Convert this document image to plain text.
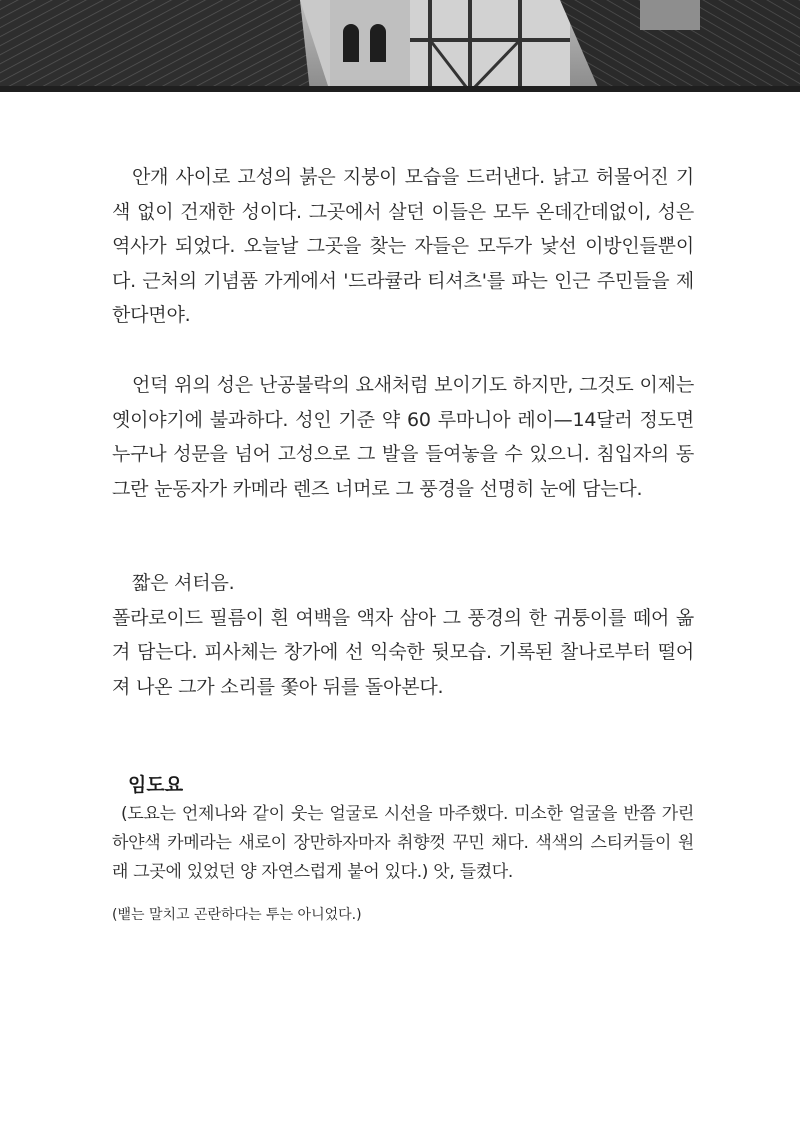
안개 사이로 고성의 붉은 지붕이 모습을 드러낸다. 낡고 허물어진 기색 없이 건재한 성이다. 그곳에서 살던 이들은 모두 온데간데없이, 성은 역사가 되었다. 오늘날 그곳을 찾는 자들은 모두가 낯선 이방인들뿐이다. 근처의 기념품 가게에서 '드라큘라 티셔츠'를 파는 인근 주민들을 제한다면야.

언덕 위의 성은 난공불락의 요새처럼 보이기도 하지만, 그것도 이제는 옛이야기에 불과하다. 성인 기준 약 60 루마니아 레이—14달러 정도면 누구나 성문을 넘어 고성으로 그 발을 들여놓을 수 있으니. 침입자의 동그란 눈동자가 카메라 렌즈 너머로 그 풍경을 선명히 눈에 담는다.

짧은 셔터음.

폴라로이드 필름이 흰 여백을 액자 삼아 그 풍경의 한 귀퉁이를 떼어 옮겨 담는다. 피사체는 창가에 선 익숙한 뒷모습. 기록된 찰나로부터 떨어져 나온 그가 소리를 쫓아 뒤를 돌아본다.

임도요

(도요는 언제나와 같이 웃는 얼굴로 시선을 마주했다. 미소한 얼굴을 반쯤 가린 하얀색 카메라는 새로이 장만하자마자 취향껏 꾸민 채다. 색색의 스티커들이 원래 그곳에 있었던 양 자연스럽게 붙어 있다.) 앗, 들켰다.

(뱉는 말치고 곤란하다는 투는 아니었다.)
